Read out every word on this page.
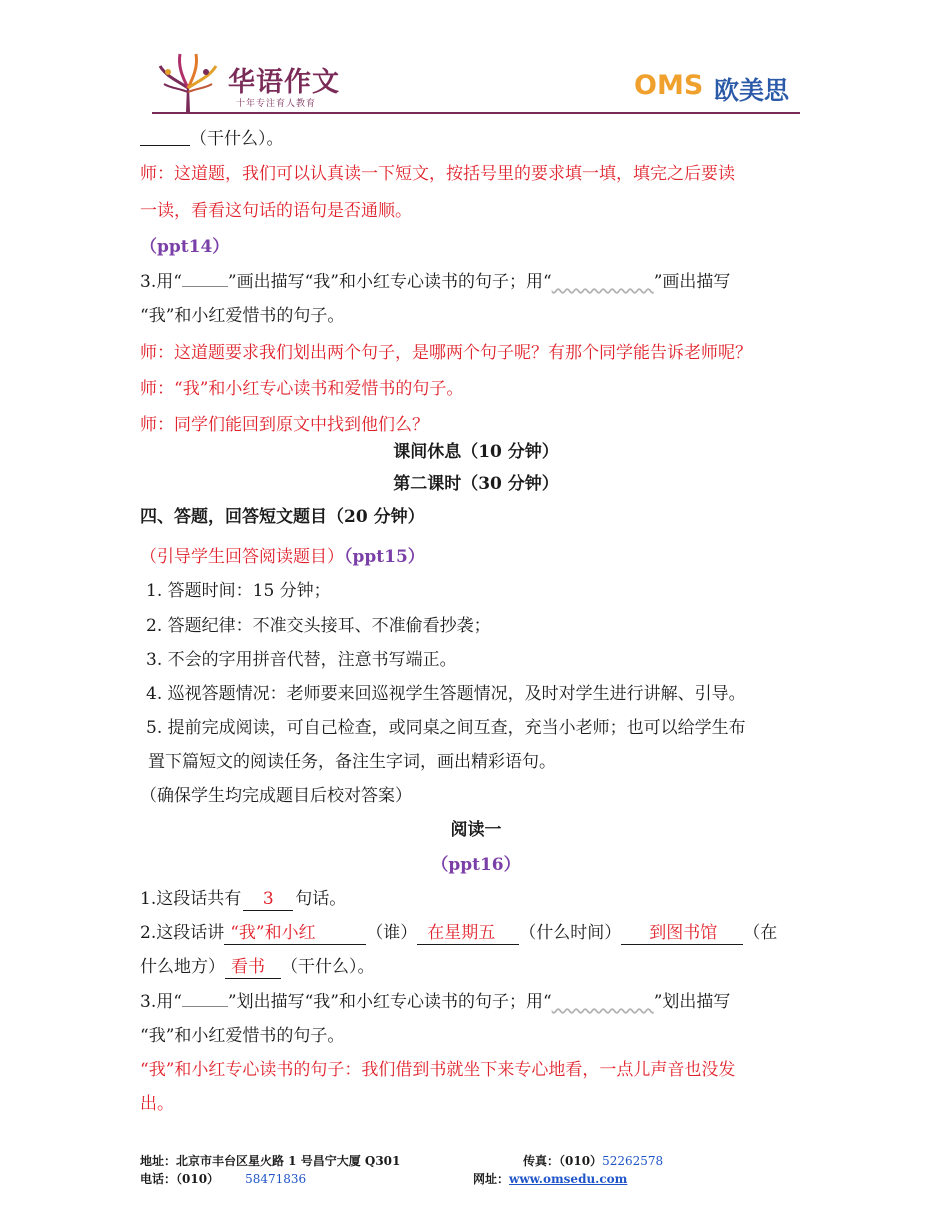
华语作文
十年专注育人教育
OMS 欧美思
（干什么）。
师：这道题，我们可以认真读一下短文，按括号里的要求填一填，填完之后要读
一读，看看这句话的语句是否通顺。
（ppt14）
3.用“	”画出描写“我”和小红专心读书的句子；用“　　　　　　	”画出描写
“我”和小红爱惜书的句子。
师：这道题要求我们划出两个句子，是哪两个句子呢？有那个同学能告诉老师呢？
师：“我”和小红专心读书和爱惜书的句子。
师：同学们能回到原文中找到他们么？
课间休息（10 分钟）
第二课时（30 分钟）
四、答题，回答短文题目（20 分钟）
（引导学生回答阅读题目）（ppt15）
1. 答题时间：15 分钟；
2. 答题纪律：不准交头接耳、不准偷看抄袭；
3. 不会的字用拼音代替，注意书写端正。
4. 巡视答题情况：老师要来回巡视学生答题情况，及时对学生进行讲解、引导。
5. 提前完成阅读，可自己检查，或同桌之间互查，充当小老师；也可以给学生布
置下篇短文的阅读任务，备注生字词，画出精彩语句。
（确保学生均完成题目后校对答案）
阅读一
（ppt16）
1.这段话共有 3 句话。
2.这段话讲 “我”和小红	（谁） 在星期五 （什么时间） 到图书馆 （在
什么地方） 看书 （干什么）。
3.用“	”划出描写“我”和小红专心读书的句子；用“　　　　　　	”划出描写
“我”和小红爱惜书的句子。
“我”和小红专心读书的句子：我们借到书就坐下来专心地看，一点儿声音也没发
出。
地址：北京市丰台区星火路 1 号昌宁大厦 Q301	传真：（010）52262578
电话：（010） 58471836	网址：www.omsedu.com
